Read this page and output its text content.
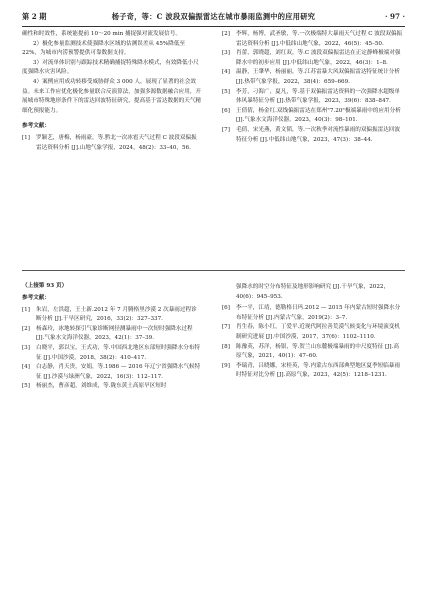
第 2 期	杨子奇，等：C 波段双偏振雷达在城市暴雨监测中的应用研究	· 97 ·

确性和时效性，系统能提前 10～20 min 捕捉强对流发展信号。

2）极化参量监测技术使强降水区域的估测误差从 45%降低至 22%，为城市内涝预警提供可靠数据支持。

3）对流单体识别与跟踪技术精确捕捉特殊降水模式，有效降低小尺度强降水灾害风险。

4）案例应用成功转移受威胁群众 3 000 人，展现了显著的社会效益。未来工作应优化极化参量联合反演算法，加强多源数据融合应用，开展城市特殊地形条件下的雷达回波特征研究，提高基于雷达数据的天气精细化预报能力。

参考文献：

[1] 罗颖艺，唐梅，杨雨豪，等.黔北一次冰雹天气过程 C 波段双偏振雷达资料分析 [J].山地气象学报，2024，48(2)：33–40，56.
[2] 李辉，杨博，武圣敏，等.一次极端特大暴雨天气过程 C 波段双偏振雷达资料分析 [J].中低纬山地气象，2022，46(5)：45–50.
[3] 肖蕾，郭晓超，刘红双，等.C 波段双偏振雷达在正定静峰极端对强降水中的初步应用 [J].中低纬山地气象，2022，46(3)：1–8.
[4] 温静，王肇华，杨丽丽，等.江苏雷暴大风双偏振雷达特征统计分析 [J].热带气象学报，2022，38(4)：659–669.
[5] 李芳，刁海广，夏凡，等.基于双偏振雷达资料的一次强降水超级单体风暴特征分析 [J].热带气象学报，2023，39(6)：838–847.
[6] 王倩倩，杨金红.双线偏振雷达在郑州"7.20"极端暴雨中的应用分析 [J].气象水文海洋仪器，2023，40(3)：98–101.
[7] 毛倩，宋光燕，黄文韬，等.一次秋季对流性暴雨的双偏振雷达回波特征分析 [J].中低纬山地气象，2023，47(3)：38–44.
（上接第 93 页）

参考文献：

[1] 朱岩，左洪超，王士新.2012 年 7 月腾格里沙漠 2 次暴雨过程诊断分析 [J].干旱区研究，2016，33(2)：327–337.
[2] 杨森玲，冰地转探引气象诊断网径测暴雨中一次短时强降水过程 [J].气象水文海洋仪器，2023，42(1)：37–39.
[3] 白晓平，郭以宝，王式功，等.中国西北地区东部短时强降水分布特征 [J].中国沙漠，2018，38(2)：410–417.
[4] 白志静，肖天贵，安娟，等.1986 — 2016 年辽宁省强降水气候特征 [J].沙漠与绿洲气象，2022，16(3)：112–117.
[5] 杨丽杰，曹彦超，刘维成，等.陇东黄土高原旱区短时

强降水的时空分布特征及地形影响研究 [J].干旱气象，2022，40(6)：945–953.

[6] 李一平，江靖，德勒格日玛.2012 — 2015 年内蒙古短时强降水分布特征分析 [J].内蒙古气象，2019(2)：3–7.
[7] 肖生春，陈小红，丁爱平.近现代阿拉善荒漠气候变化与环境演变机制研究进展 [J].中国沙漠，2017，37(6)：1102–1110.
[8] 陈豫英，苏洋，杨银，等.贺兰山东麓极端暴雨的中尺度特征 [J].高原气象，2021，40(1)：47–60.
[9] 李瑞青，吕晓娜，宋桂英，等.内蒙古东西部典型地区夏季短临暴雨时特征对比分析 [J].高原气象，2023，42(5)：1218–1231.
